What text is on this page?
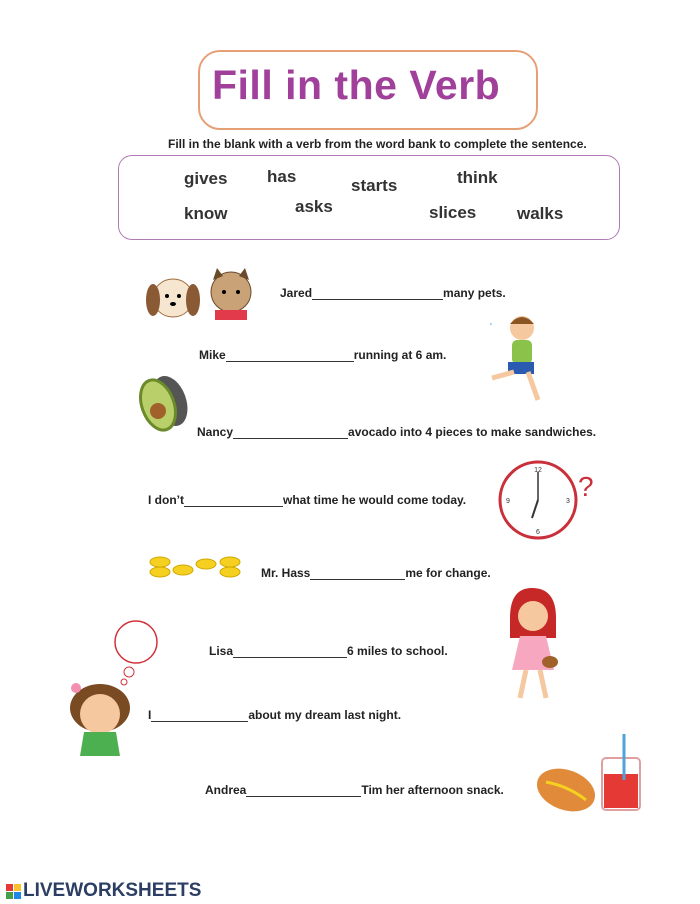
Fill in the Verb
Fill in the blank with a verb from the word bank to complete the sentence.
gives has	starts	think
know	asks	slices walks
Jared	many pets.
Mike	running at 6 am.
Nancy	avocado into 4 pieces to make sandwiches.
I don’t	what time he would come today.
Mr. Hass	me for change.
Lisa	6 miles to school.
I	about my dream last night.
Andrea	Tim her afternoon snack.
'
12
3
6
9 ?
LIVEWORKSHEETS
